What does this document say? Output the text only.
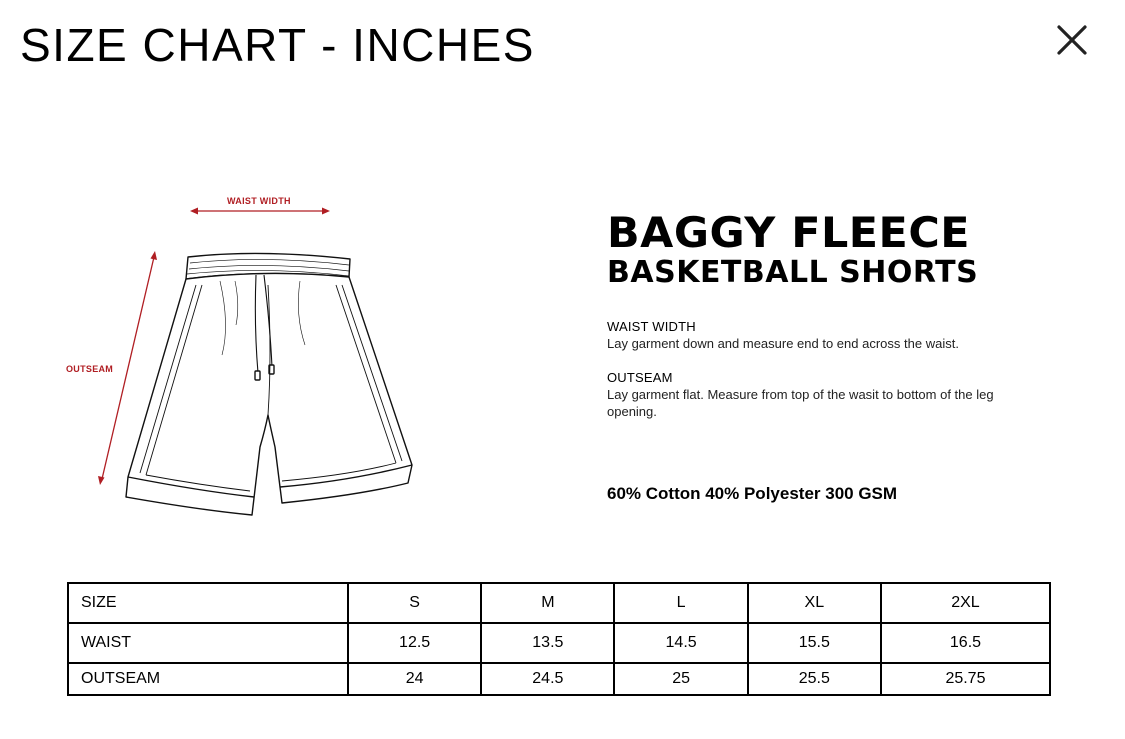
SIZE CHART - INCHES
WAIST WIDTH
OUTSEAM
BAGGY FLEECE
BASKETBALL SHORTS
WAIST WIDTH
Lay garment down and measure end to end across the waist.
OUTSEAM
Lay garment flat. Measure from top of the wasit to bottom of the leg opening.
60% Cotton 40% Polyester 300 GSM
SIZE	S	M	L	XL	2XL
WAIST	12.5	13.5	14.5	15.5	16.5
OUTSEAM	24	24.5	25	25.5	25.75
